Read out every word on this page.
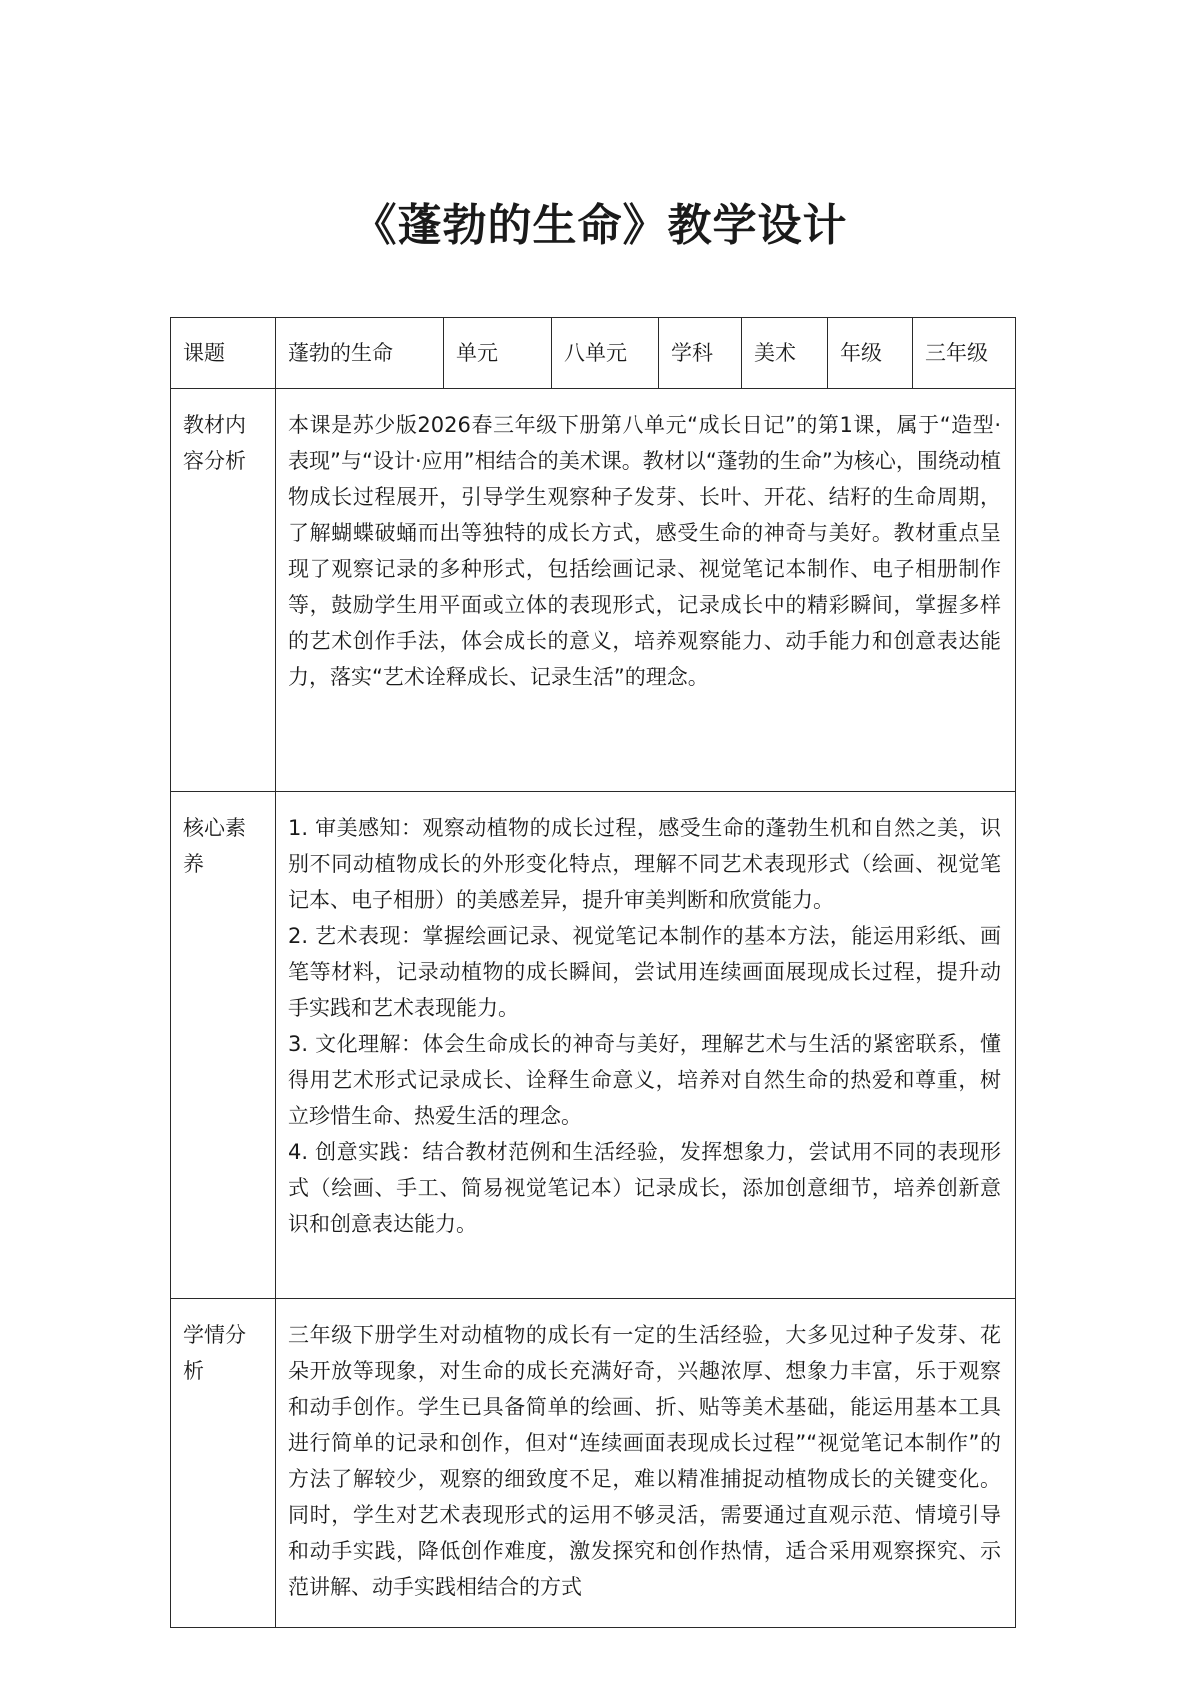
《蓬勃的生命》教学设计
课题	蓬勃的生命	单元	八单元	学科	美术	年级	三年级
教材内容分析	本课是苏少版2026春三年级下册第八单元“成长日记”的第1课，属于“造型·表现”与“设计·应用”相结合的美术课。教材以“蓬勃的生命”为核心，围绕动植物成长过程展开，引导学生观察种子发芽、长叶、开花、结籽的生命周期，了解蝴蝶破蛹而出等独特的成长方式，感受生命的神奇与美好。教材重点呈现了观察记录的多种形式，包括绘画记录、视觉笔记本制作、电子相册制作等，鼓励学生用平面或立体的表现形式，记录成长中的精彩瞬间，掌握多样的艺术创作手法，体会成长的意义，培养观察能力、动手能力和创意表达能力，落实“艺术诠释成长、记录生活”的理念。						

核心素养	1. 审美感知：观察动植物的成长过程，感受生命的蓬勃生机和自然之美，识别不同动植物成长的外形变化特点，理解不同艺术表现形式（绘画、视觉笔记本、电子相册）的美感差异，提升审美判断和欣赏能力。

2. 艺术表现：掌握绘画记录、视觉笔记本制作的基本方法，能运用彩纸、画笔等材料，记录动植物的成长瞬间，尝试用连续画面展现成长过程，提升动手实践和艺术表现能力。

3. 文化理解：体会生命成长的神奇与美好，理解艺术与生活的紧密联系，懂得用艺术形式记录成长、诠释生命意义，培养对自然生命的热爱和尊重，树立珍惜生命、热爱生活的理念。

4. 创意实践：结合教材范例和生活经验，发挥想象力，尝试用不同的表现形式（绘画、手工、简易视觉笔记本）记录成长，添加创意细节，培养创新意识和创意表达能力。						

学情分析	三年级下册学生对动植物的成长有一定的生活经验，大多见过种子发芽、花朵开放等现象，对生命的成长充满好奇，兴趣浓厚、想象力丰富，乐于观察和动手创作。学生已具备简单的绘画、折、贴等美术基础，能运用基本工具进行简单的记录和创作，但对“连续画面表现成长过程”“视觉笔记本制作”的方法了解较少，观察的细致度不足，难以精准捕捉动植物成长的关键变化。同时，学生对艺术表现形式的运用不够灵活，需要通过直观示范、情境引导和动手实践，降低创作难度，激发探究和创作热情，适合采用观察探究、示范讲解、动手实践相结合的方式						
